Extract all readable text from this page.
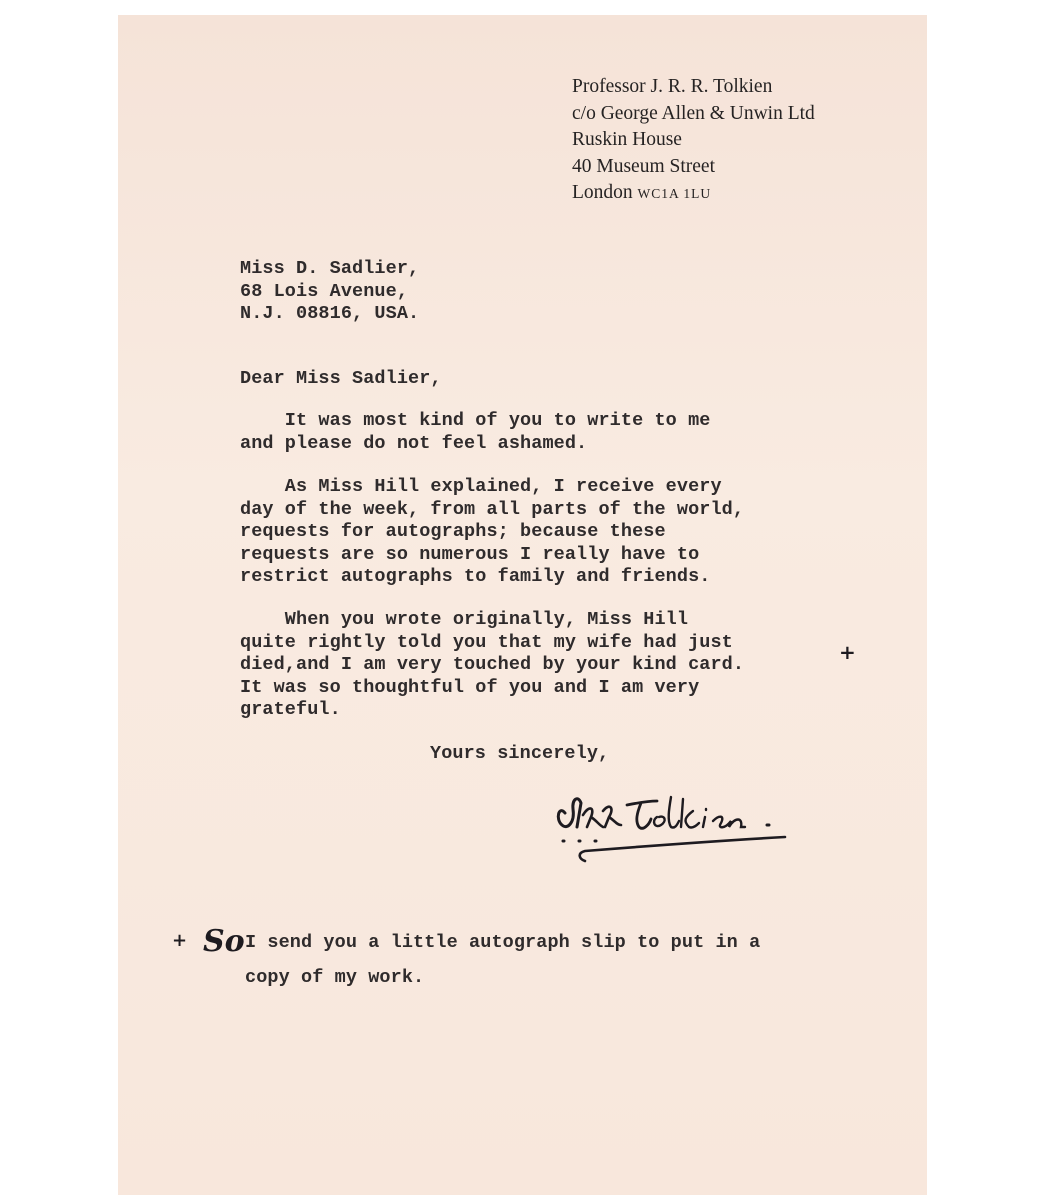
Professor J. R. R. Tolkien
c/o George Allen & Unwin Ltd
Ruskin House
40 Museum Street
London WC1A 1LU
Miss D. Sadlier,
68 Lois Avenue,
N.J. 08816, USA.
Dear Miss Sadlier,
It was most kind of you to write to me
and please do not feel ashamed.
As Miss Hill explained, I receive every
day of the week, from all parts of the world,
requests for autographs; because these
requests are so numerous I really have to
restrict autographs to family and friends.
When you wrote originally, Miss Hill
quite rightly told you that my wife had just
died,and I am very touched by your kind card.
It was so thoughtful of you and I am very
grateful.
+
Yours sincerely,
+ So I send you a little autograph slip to put in a
copy of my work.
